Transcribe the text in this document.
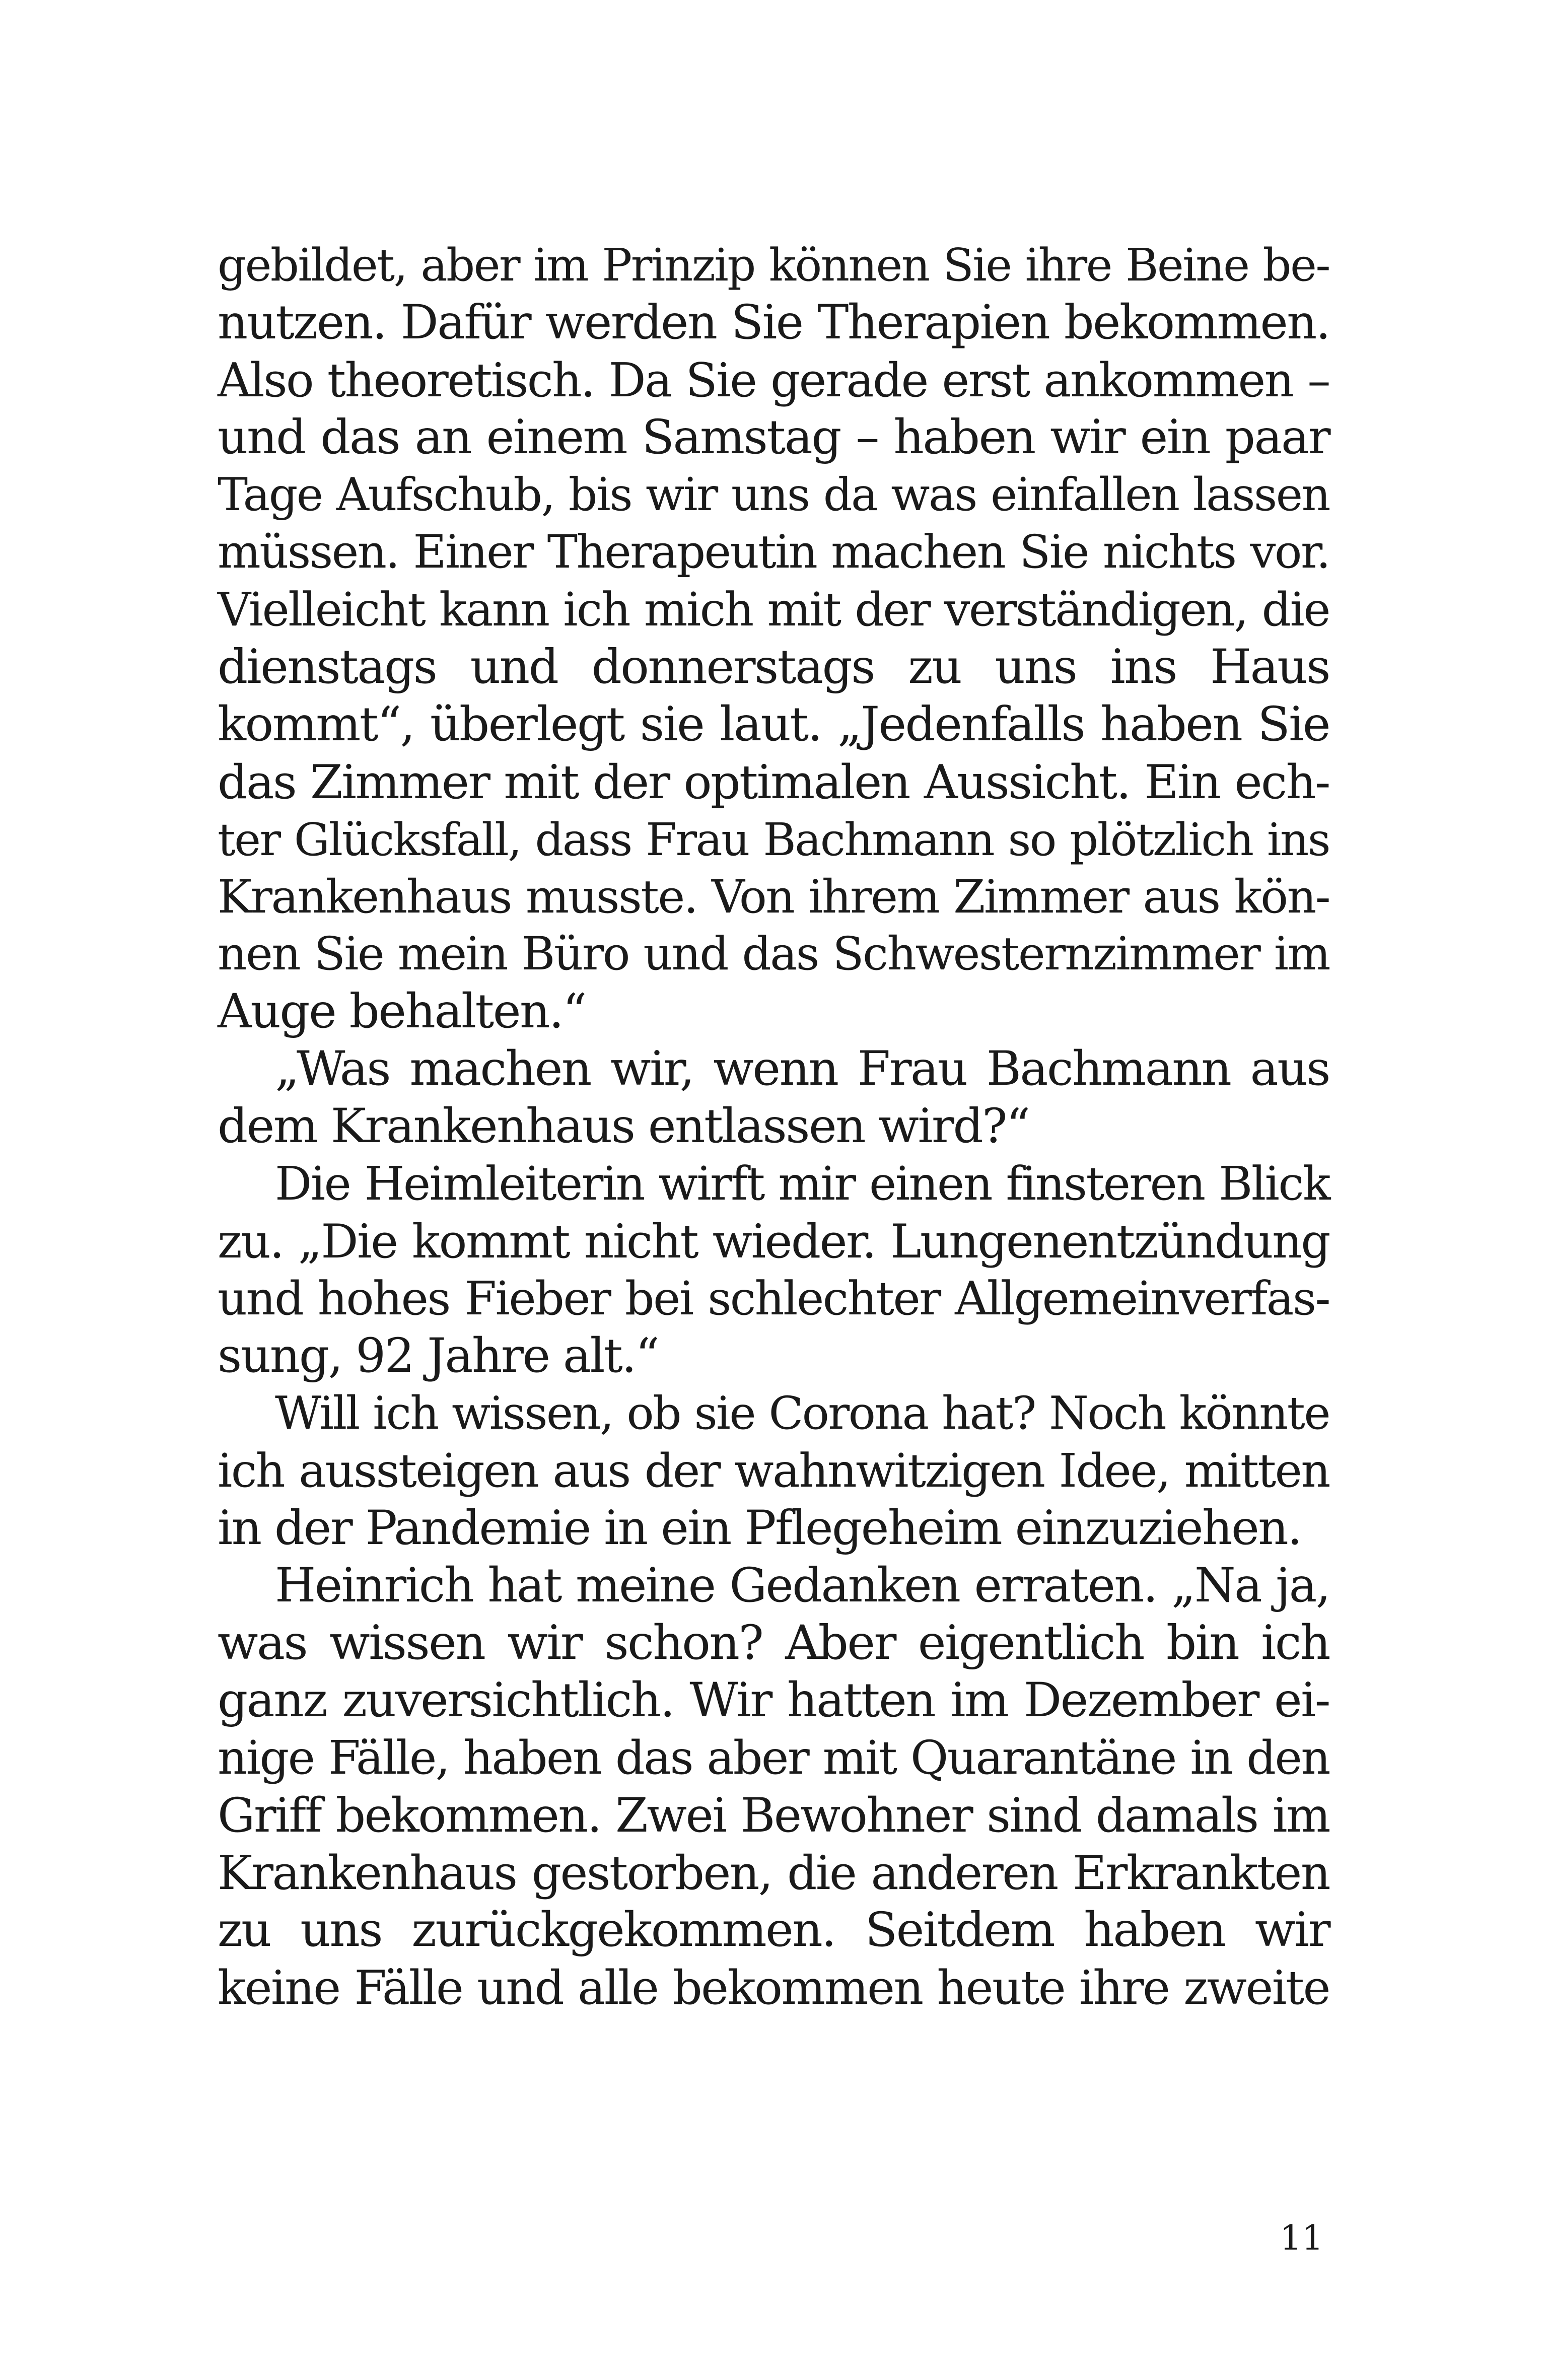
gebildet, aber im Prinzip können Sie ihre Beine be-
nutzen. Dafür werden Sie Therapien bekommen.
Also theoretisch. Da Sie gerade erst ankommen –
und das an einem Samstag – haben wir ein paar
Tage Aufschub, bis wir uns da was einfallen lassen
müssen. Einer Therapeutin machen Sie nichts vor.
Vielleicht kann ich mich mit der verständigen, die
dienstags und donnerstags zu uns ins Haus
kommt“, überlegt sie laut. „Jedenfalls haben Sie
das Zimmer mit der optimalen Aussicht. Ein ech-
ter Glücksfall, dass Frau Bachmann so plötzlich ins
Krankenhaus musste. Von ihrem Zimmer aus kön-
nen Sie mein Büro und das Schwesternzimmer im
Auge behalten.“
„Was machen wir, wenn Frau Bachmann aus
dem Krankenhaus entlassen wird?“
Die Heimleiterin wirft mir einen finsteren Blick
zu. „Die kommt nicht wieder. Lungenentzündung
und hohes Fieber bei schlechter Allgemeinverfas-
sung, 92 Jahre alt.“
Will ich wissen, ob sie Corona hat? Noch könnte
ich aussteigen aus der wahnwitzigen Idee, mitten
in der Pandemie in ein Pflegeheim einzuziehen.
Heinrich hat meine Gedanken erraten. „Na ja,
was wissen wir schon? Aber eigentlich bin ich
ganz zuversichtlich. Wir hatten im Dezember ei-
nige Fälle, haben das aber mit Quarantäne in den
Griff bekommen. Zwei Bewohner sind damals im
Krankenhaus gestorben, die anderen Erkrankten
zu uns zurückgekommen. Seitdem haben wir
keine Fälle und alle bekommen heute ihre zweite
11
